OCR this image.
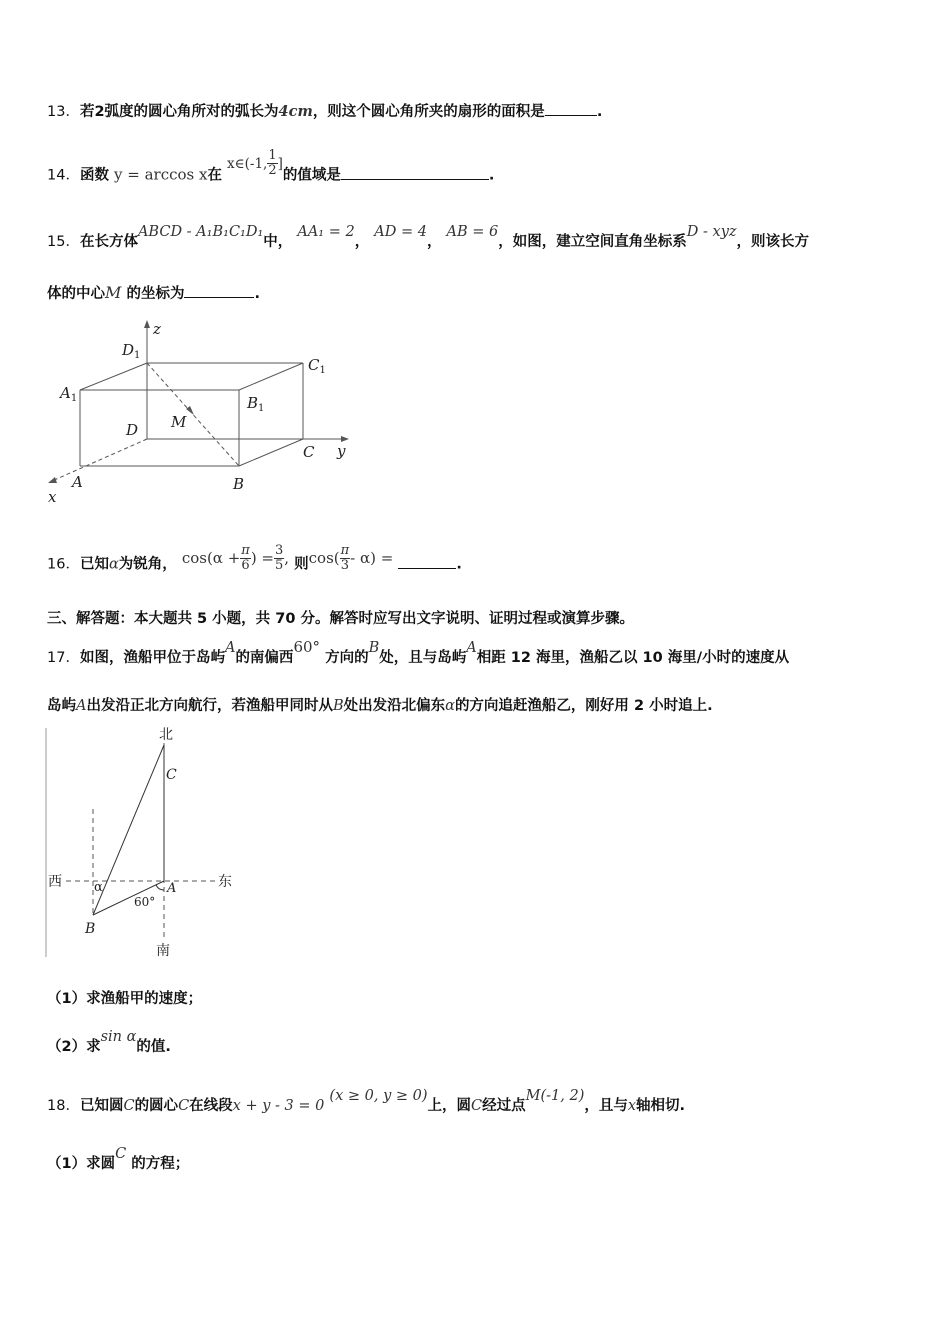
13．若2弧度的圆心角所对的弧长为4cm，则这个圆心角所夹的扇形的面积是	.
14．函数 y = arccos x在 x∈(-1, $\frac{1}{2}$ ]的值域是	.
15．在长方体ABCD - A₁B₁C₁D₁中， AA₁ = 2， AD = 4， AB = 6，如图，建立空间直角坐标系D - xyz，则该长方
体的中心M 的坐标为	.
z
y
x
$D_1$
$C_1$
$A_1$	$B_1$
D M
C
A	B
16．已知α为锐角， $\cos(\alpha + \frac{\pi}{6}$ ) = $\frac{3}{5}$ , 则$\cos( \frac{\pi}{3} - \alpha)$ =	.
三、解答题：本大题共 5 小题，共 70 分。解答时应写出文字说明、证明过程或演算步骤。
17．如图，渔船甲位于岛屿A的南偏西60° 方向的B处，且与岛屿A相距 12 海里，渔船乙以 10 海里/小时的速度从
岛屿A出发沿正北方向航行，若渔船甲同时从B处出发沿北偏东α的方向追赶渔船乙，刚好用 2 小时追上.
北
南
西	东
C
A
B
α
60°
（1）求渔船甲的速度；
（2）求sin α的值.
18．已知圆C的圆心C在线段x + y - 3 = 0 (x ≥ 0, y ≥ 0)上，圆C经过点M(-1, 2)，且与x轴相切.
（1）求圆C 的方程；
